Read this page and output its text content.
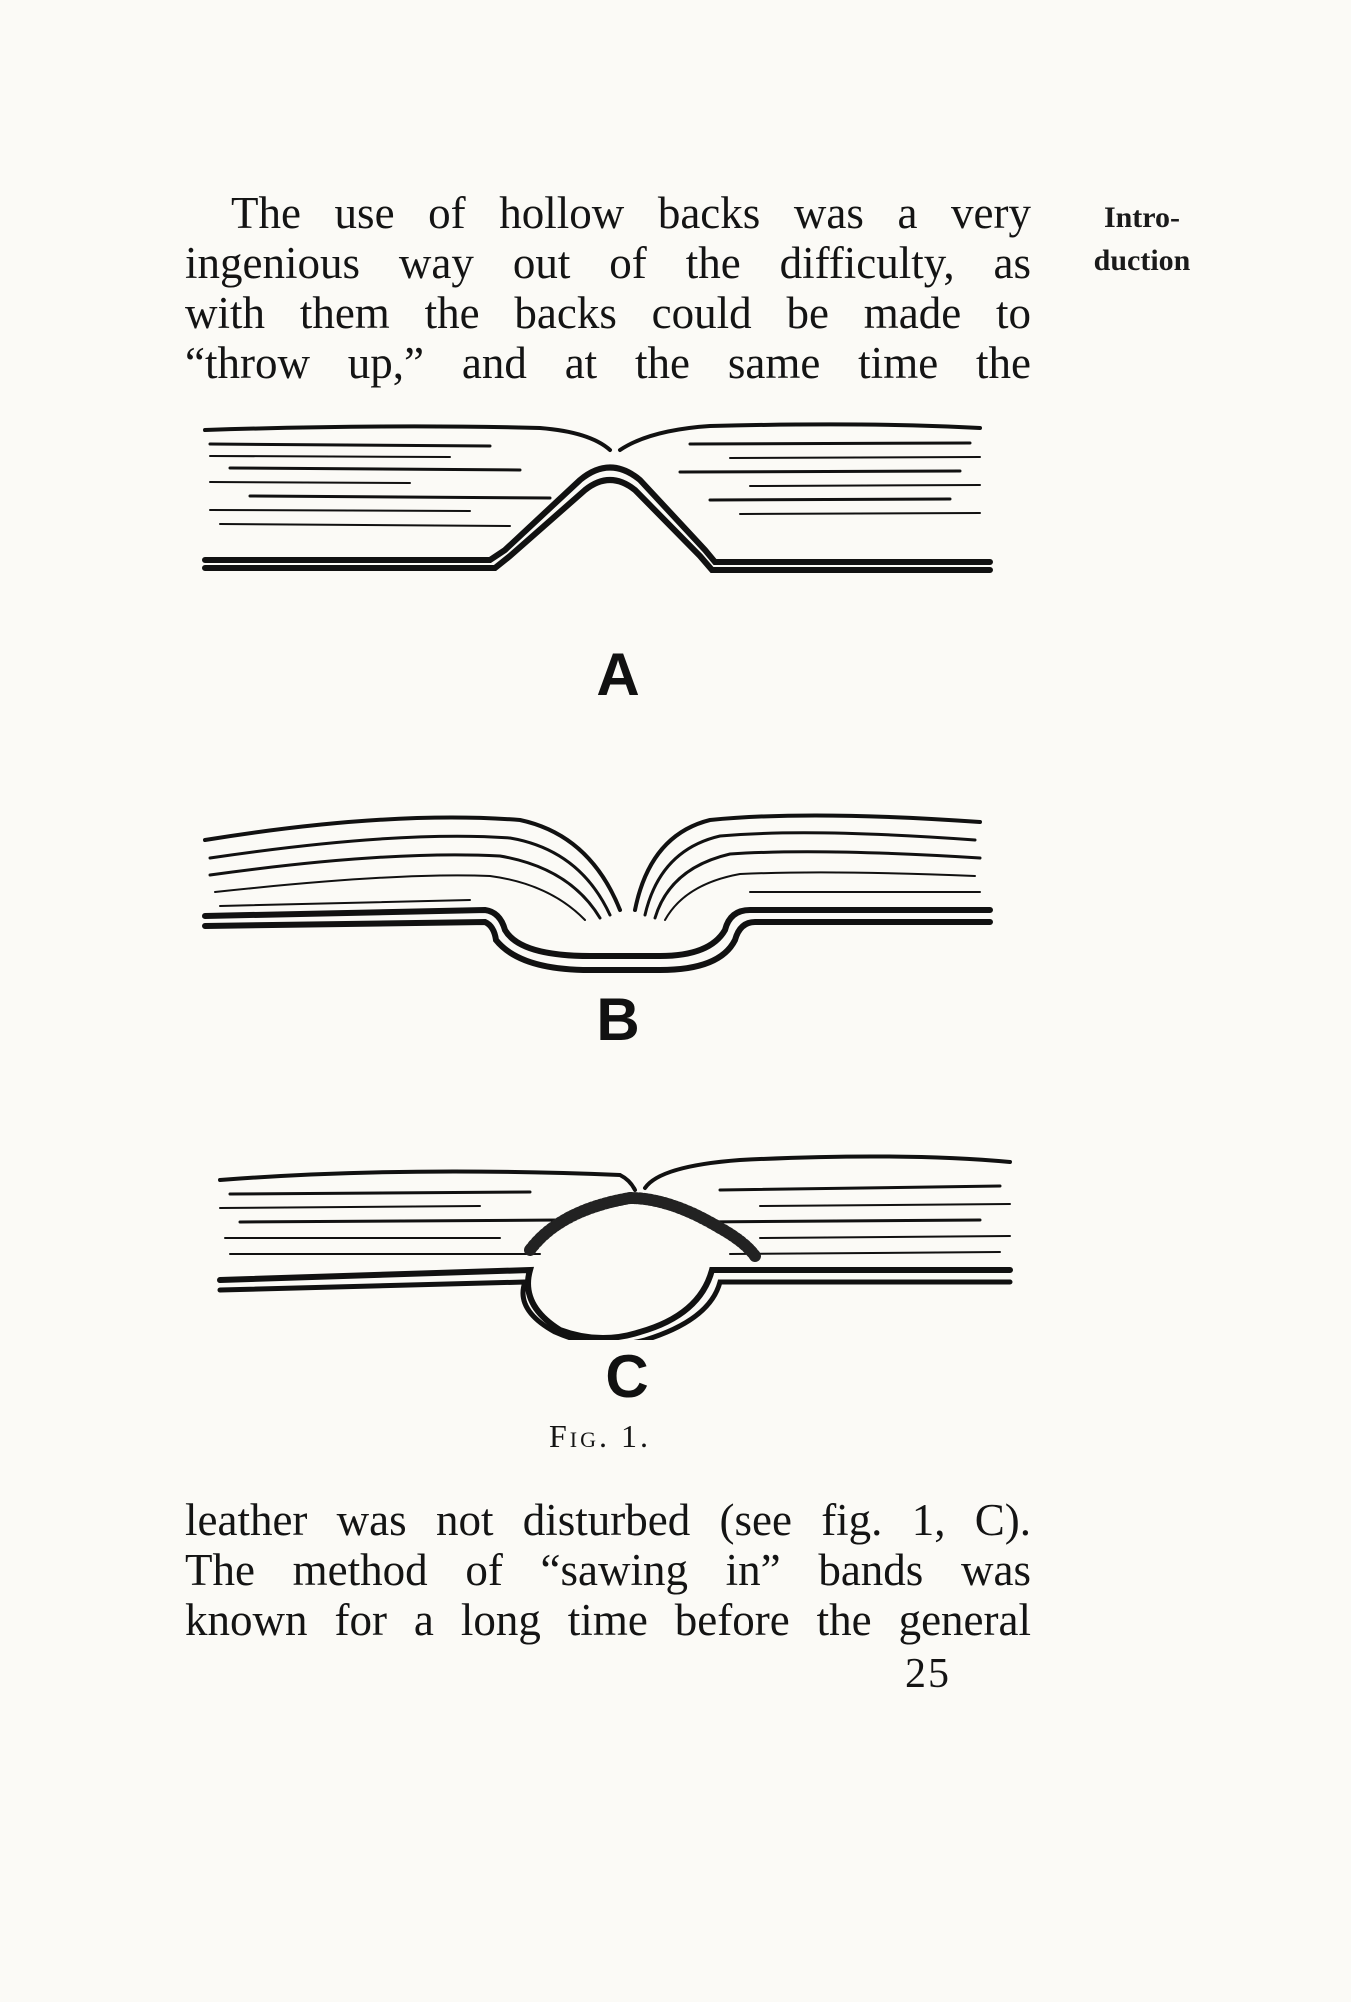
The use of hollow backs was a very
ingenious way out of the difficulty, as
with them the backs could be made to
“throw up,” and at the same time the
Intro-
duction
A
B
C
Fig. 1.
leather was not disturbed (see fig. 1, C).
The method of “sawing in” bands was
known for a long time before the general
25
